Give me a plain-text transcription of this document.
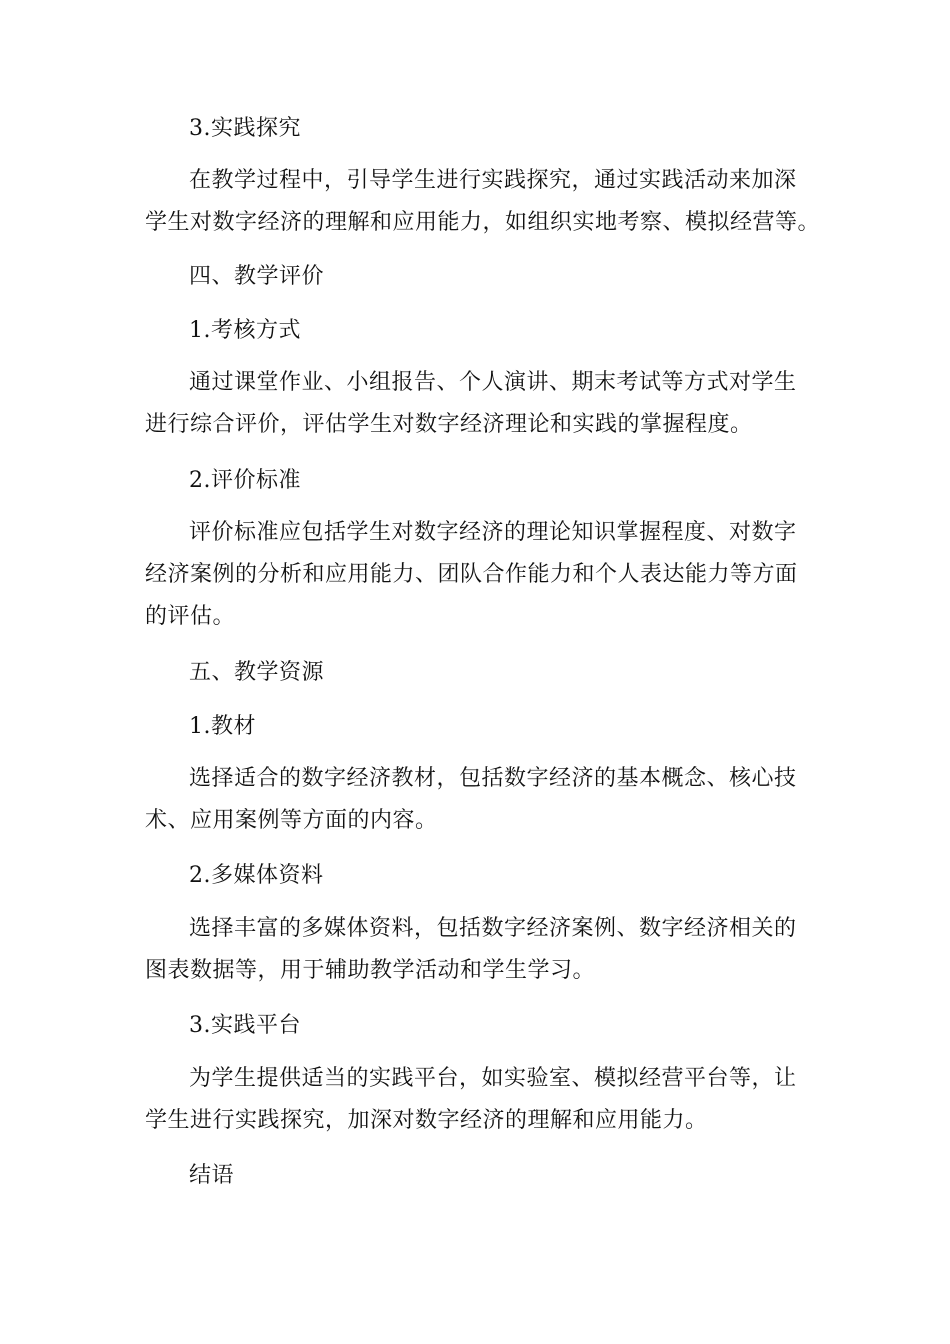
3.实践探究
在教学过程中，引导学生进行实践探究，通过实践活动来加深
学生对数字经济的理解和应用能力，如组织实地考察、模拟经营等。
四、教学评价
1.考核方式
通过课堂作业、小组报告、个人演讲、期末考试等方式对学生
进行综合评价，评估学生对数字经济理论和实践的掌握程度。
2.评价标准
评价标准应包括学生对数字经济的理论知识掌握程度、对数字
经济案例的分析和应用能力、团队合作能力和个人表达能力等方面
的评估。
五、教学资源
1.教材
选择适合的数字经济教材，包括数字经济的基本概念、核心技
术、应用案例等方面的内容。
2.多媒体资料
选择丰富的多媒体资料，包括数字经济案例、数字经济相关的
图表数据等，用于辅助教学活动和学生学习。
3.实践平台
为学生提供适当的实践平台，如实验室、模拟经营平台等，让
学生进行实践探究，加深对数字经济的理解和应用能力。
结语
